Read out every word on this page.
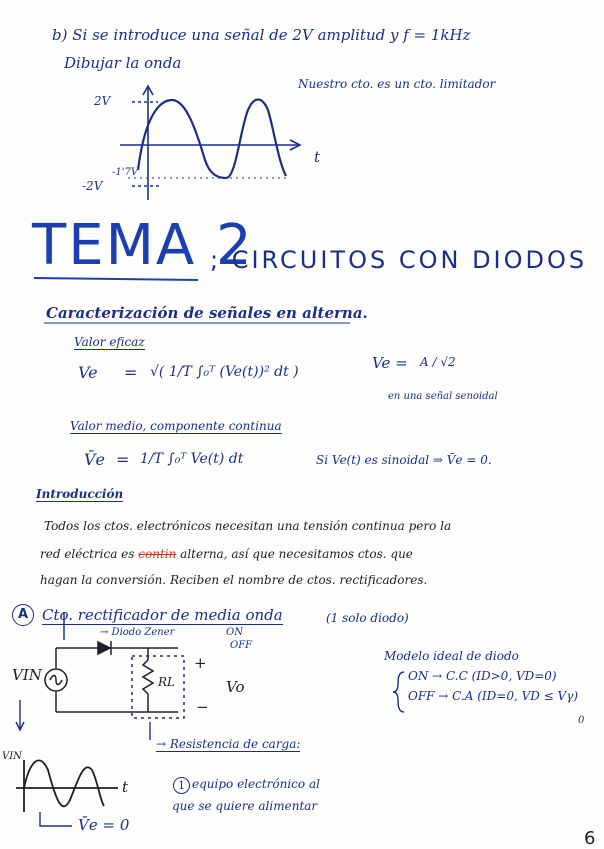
b) Si se introduce una señal de 2V amplitud y f = 1kHz
Dibujar la onda
Nuestro cto. es un cto. limitador
2V
-1'7V
-2V
t
TEMA 2
; CIRCUITOS CON DIODOS
Caracterización de señales en alterna.
Valor eficaz
Ve = √( 1/T ∫₀ᵀ (Ve(t))² dt )	Ve = A / √2
en una señal senoidal
Valor medio, componente continua
V̄e = 1/T ∫₀ᵀ Ve(t) dt	Si Ve(t) es sinoidal ⇒ V̄e = 0.
Introducción
Todos los ctos. electrónicos necesitan una tensión continua pero la
red eléctrica es contin alterna, así que necesitamos ctos. que
hagan la conversión. Reciben el nombre de ctos. rectificadores.
A Cto. rectificador de media onda	(1 solo diodo)
→ Diodo Zener	ON
OFF
VIN	RL
+
Vo
−
→ Resistencia de carga:
1 equipo electrónico al
que se quiere alimentar
VIN
t
V̄e = 0
Modelo ideal de diodo
ON → C.C (ID>0, VD=0)
OFF → C.A (ID=0, VD ≤ Vγ)
0
6
